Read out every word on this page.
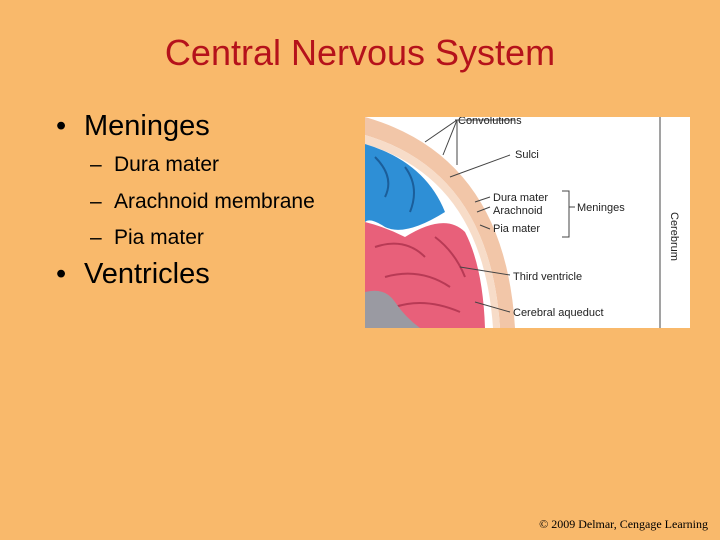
Central Nervous System
• Meninges
– Dura mater
– Arachnoid membrane
– Pia mater
• Ventricles
Convolutions
Sulci
Dura mater
Arachnoid
Pia mater
Meninges
Third ventricle
Cerebral aqueduct
Cerebrum
© 2009 Delmar, Cengage Learning
